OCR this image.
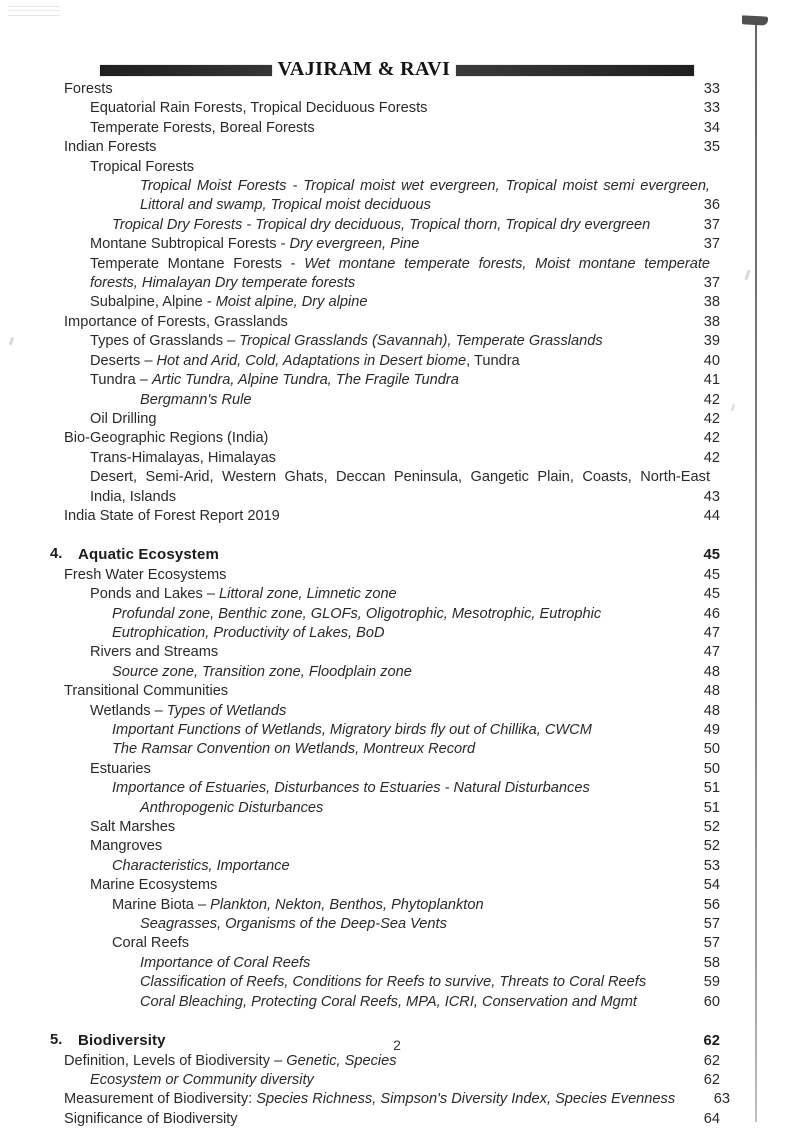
VAJIRAM & RAVI
Forests	33
Equatorial Rain Forests, Tropical Deciduous Forests	33
Temperate Forests, Boreal Forests	34
Indian Forests	35
Tropical Forests
Tropical Moist Forests - Tropical moist wet evergreen, Tropical moist semi evergreen, Littoral and swamp, Tropical moist deciduous	36
Tropical Dry Forests - Tropical dry deciduous, Tropical thorn, Tropical dry evergreen	37
Montane Subtropical Forests - Dry evergreen, Pine	37
Temperate Montane Forests - Wet montane temperate forests, Moist montane temperate forests, Himalayan Dry temperate forests	37
Subalpine, Alpine - Moist alpine, Dry alpine	38
Importance of Forests, Grasslands	38
Types of Grasslands – Tropical Grasslands (Savannah), Temperate Grasslands	39
Deserts – Hot and Arid, Cold, Adaptations in Desert biome, Tundra	40
Tundra – Artic Tundra, Alpine Tundra, The Fragile Tundra	41
Bergmann's Rule	42
Oil Drilling	42
Bio-Geographic Regions (India)	42
Trans-Himalayas, Himalayas	42
Desert, Semi-Arid, Western Ghats, Deccan Peninsula, Gangetic Plain, Coasts, North-East India, Islands	43
India State of Forest Report 2019	44
4. Aquatic Ecosystem	45
Fresh Water Ecosystems	45
Ponds and Lakes – Littoral zone, Limnetic zone	45
Profundal zone, Benthic zone, GLOFs, Oligotrophic, Mesotrophic, Eutrophic	46
Eutrophication, Productivity of Lakes, BoD	47
Rivers and Streams	47
Source zone, Transition zone, Floodplain zone	48
Transitional Communities	48
Wetlands – Types of Wetlands	48
Important Functions of Wetlands, Migratory birds fly out of Chillika, CWCM	49
The Ramsar Convention on Wetlands, Montreux Record	50
Estuaries	50
Importance of Estuaries, Disturbances to Estuaries - Natural Disturbances	51
Anthropogenic Disturbances	51
Salt Marshes	52
Mangroves	52
Characteristics, Importance	53
Marine Ecosystems	54
Marine Biota – Plankton, Nekton, Benthos, Phytoplankton	56
Seagrasses, Organisms of the Deep-Sea Vents	57
Coral Reefs	57
Importance of Coral Reefs	58
Classification of Reefs, Conditions for Reefs to survive, Threats to Coral Reefs	59
Coral Bleaching, Protecting Coral Reefs, MPA, ICRI, Conservation and Mgmt	60
5. Biodiversity	62
Definition, Levels of Biodiversity – Genetic, Species	62
Ecosystem or Community diversity	62
Measurement of Biodiversity: Species Richness, Simpson's Diversity Index, Species Evenness	63
Significance of Biodiversity	64
2
